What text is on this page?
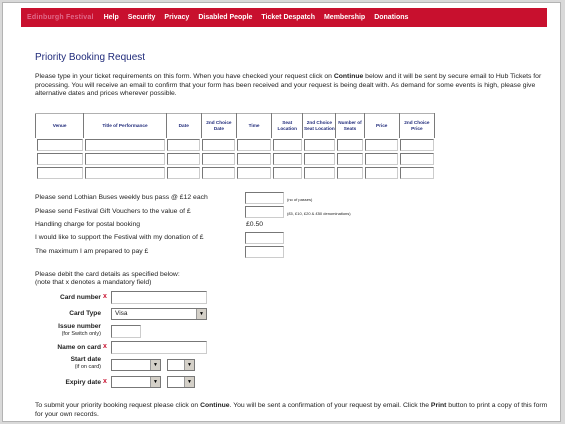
Edinburgh Festival Help Security Privacy Disabled People Ticket Despatch Membership Donations
Priority Booking Request
Please type in your ticket requirements on this form. When you have checked your request click on Continue below and it will be sent by secure email to Hub Tickets for processing. You will receive an email to confirm that your form has been received and your request is being dealt with. As demand for some events is high, please give alternative dates and prices wherever possible.
Venue	Title of Performance	Date	2nd Choice Date	Time	Seat Location	2nd Choice Seat Location	Number of Seats	Price	2nd Choice Price

Please send Lothian Buses weekly bus pass @ £12 each	(no of passes)
Please send Festival Gift Vouchers to the value of £	(£5, £10, £20 & £50 denominations)
Handling charge for postal booking	£0.50
I would like to support the Festival with my donation of £
The maximum I am prepared to pay £
Please debit the card details as specified below:
(note that x denotes a mandatory field)
Card number x
Card Type	Visa	▼
Issue number
(for Switch only)
Name on card x
Start date
(if on card)	▼	▼
Expiry date x	▼	▼
To submit your priority booking request please click on Continue. You will be sent a confirmation of your request by email. Click the Print button to print a copy of this form for your own records.
